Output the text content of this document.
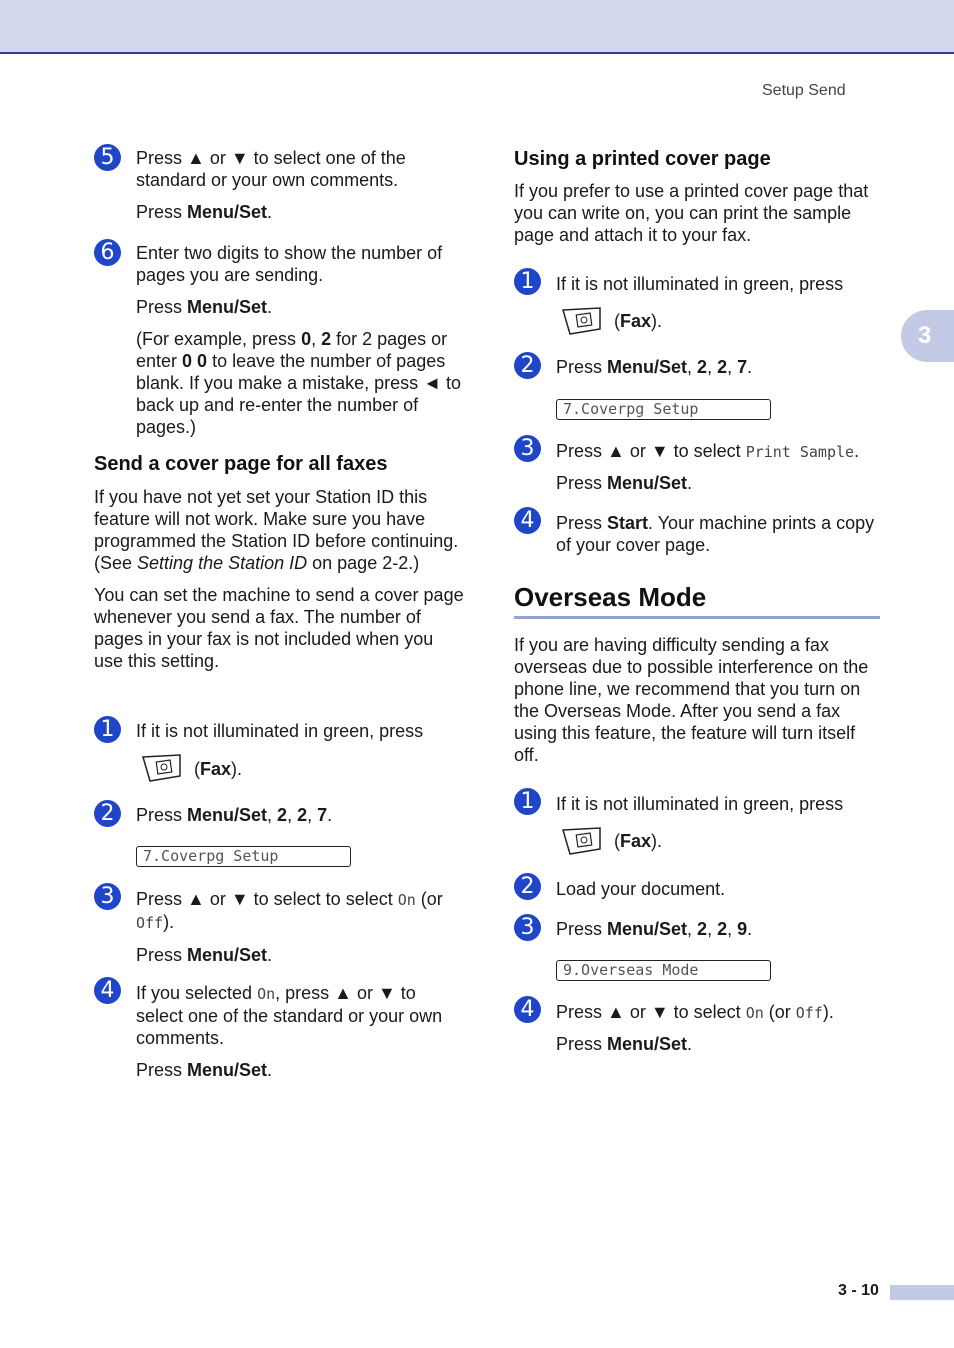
Setup Send
3
5	Press ▲ or ▼ to select one of the standard or your own comments.

Press Menu/Set.

6	Enter two digits to show the number of pages you are sending.

Press Menu/Set.

(For example, press 0, 2 for 2 pages or enter 0 0 to leave the number of pages blank. If you make a mistake, press ◄ to back up and re-enter the number of pages.)

Send a cover page for all faxes

If you have not yet set your Station ID this feature will not work. Make sure you have programmed the Station ID before continuing. (See Setting the Station ID on page 2-2.)

You can set the machine to send a cover page whenever you send a fax. The number of pages in your fax is not included when you use this setting.

1	If it is not illuminated in green, press
(Fax).
2	Press Menu/Set, 2, 2, 7.
7.Coverpg Setup
3	Press ▲ or ▼ to select to select On (or Off).

Press Menu/Set.

4	If you selected On, press ▲ or ▼ to select one of the standard or your own comments.

Press Menu/Set.

Using a printed cover page

If you prefer to use a printed cover page that you can write on, you can print the sample page and attach it to your fax.

1	If it is not illuminated in green, press
(Fax).
2	Press Menu/Set, 2, 2, 7.
7.Coverpg Setup
3	Press ▲ or ▼ to select Print Sample.

Press Menu/Set.

4	Press Start. Your machine prints a copy of your cover page.
Overseas Mode

If you are having difficulty sending a fax overseas due to possible interference on the phone line, we recommend that you turn on the Overseas Mode. After you send a fax using this feature, the feature will turn itself off.

1	If it is not illuminated in green, press
(Fax).
2	Load your document.
3	Press Menu/Set, 2, 2, 9.
9.Overseas Mode
4	Press ▲ or ▼ to select On (or Off).

Press Menu/Set.

3 - 10
